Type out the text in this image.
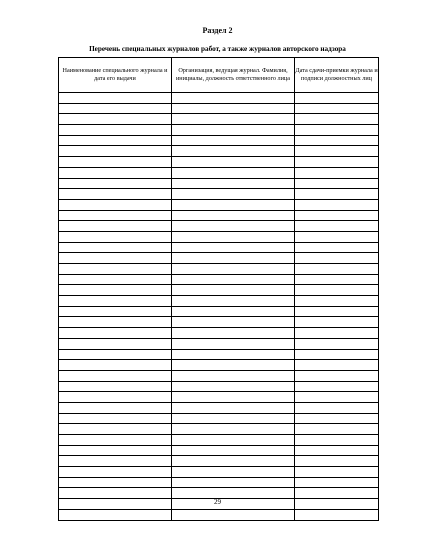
Раздел 2
Перечень специальных журналов работ, а также журналов авторского надзора
Наименование специального журнала и дата его выдачи	Организация, ведущая журнал. Фамилия, инициалы, должность ответственного лица	Дата сдачи-приемки журнала и подписи должностных лиц

29
